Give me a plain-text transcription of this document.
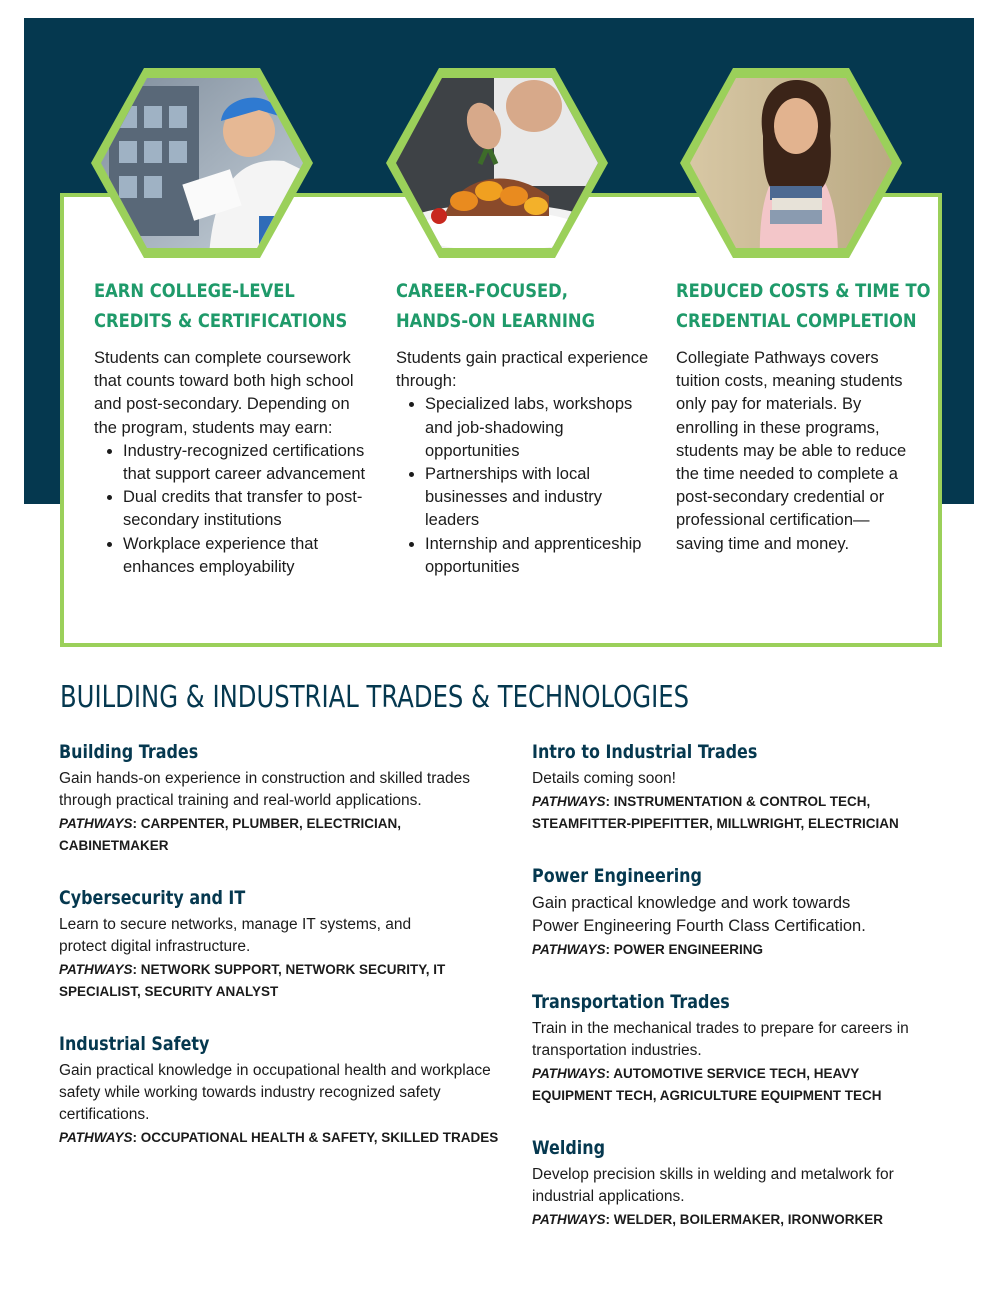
EARN COLLEGE-LEVEL
CREDITS & CERTIFICATIONS
Students can complete coursework that counts toward both high school and post-secondary. Depending on the program, students may earn:
• Industry-recognized certifications that support career advancement
• Dual credits that transfer to post-secondary institutions
• Workplace experience that enhances employability
CAREER-FOCUSED,
HANDS-ON LEARNING
Students gain practical experience through:
• Specialized labs, workshops and job-shadowing opportunities
• Partnerships with local businesses and industry leaders
• Internship and apprenticeship opportunities
REDUCED COSTS & TIME TO
CREDENTIAL COMPLETION
Collegiate Pathways covers tuition costs, meaning students only pay for materials. By enrolling in these programs, students may be able to reduce the time needed to complete a post-secondary credential or professional certification—saving time and money.
BUILDING & INDUSTRIAL TRADES & TECHNOLOGIES
Building Trades

Gain hands-on experience in construction and skilled trades through practical training and real-world applications.

PATHWAYS: CARPENTER, PLUMBER, ELECTRICIAN, CABINETMAKER

Cybersecurity and IT

Learn to secure networks, manage IT systems, and protect digital infrastructure.

PATHWAYS: NETWORK SUPPORT, NETWORK SECURITY, IT SPECIALIST, SECURITY ANALYST

Industrial Safety

Gain practical knowledge in occupational health and workplace safety while working towards industry recognized safety certifications.

PATHWAYS: OCCUPATIONAL HEALTH & SAFETY, SKILLED TRADES

Intro to Industrial Trades

Details coming soon!

PATHWAYS: INSTRUMENTATION & CONTROL TECH, STEAMFITTER-PIPEFITTER, MILLWRIGHT, ELECTRICIAN

Power Engineering

Gain practical knowledge and work towards Power Engineering Fourth Class Certification.

PATHWAYS: POWER ENGINEERING

Transportation Trades

Train in the mechanical trades to prepare for careers in transportation industries.

PATHWAYS: AUTOMOTIVE SERVICE TECH, HEAVY EQUIPMENT TECH, AGRICULTURE EQUIPMENT TECH

Welding

Develop precision skills in welding and metalwork for industrial applications.

PATHWAYS: WELDER, BOILERMAKER, IRONWORKER
